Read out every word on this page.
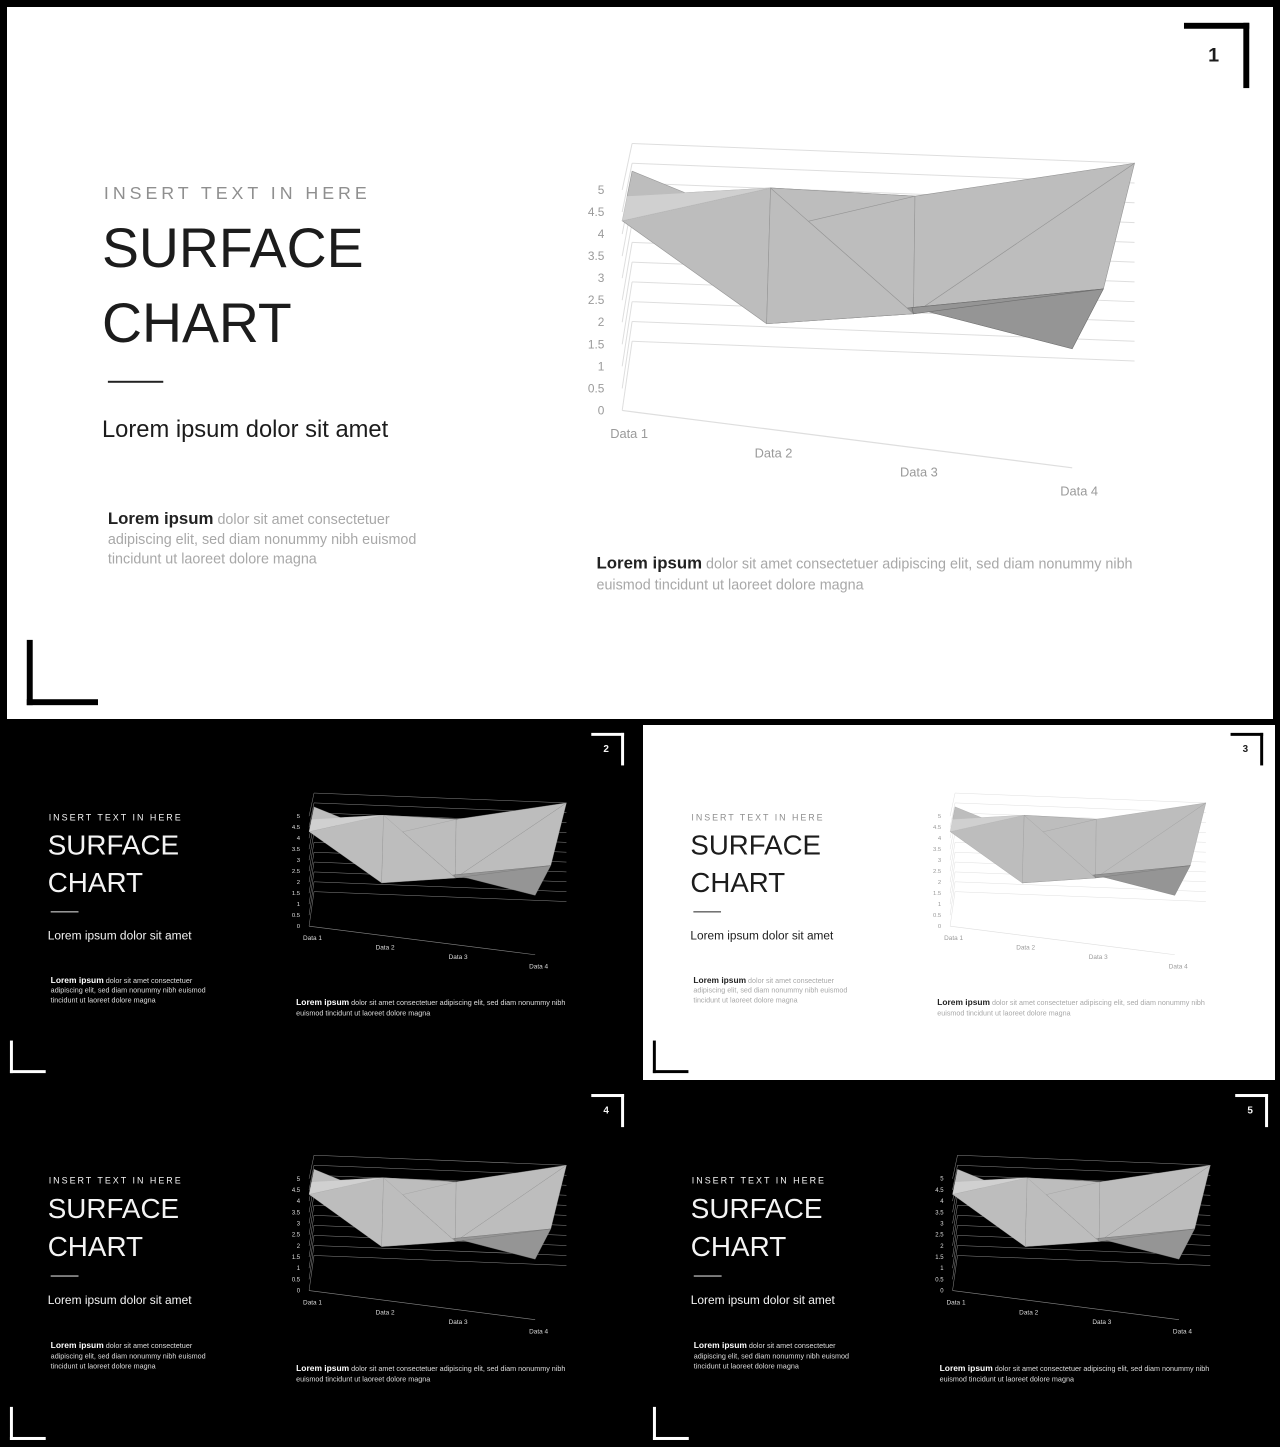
1
INSERT TEXT IN HERE
SURFACE
CHART
Lorem ipsum dolor sit amet
Lorem ipsum dolor sit amet consectetuer adipiscing elit, sed diam nonummy nibh euismod tincidunt ut laoreet dolore magna
0
0.5
1
1.5
2
2.5
3
3.5
4
4.5
5
Data 1
Data 2
Data 3
Data 4
Lorem ipsum dolor sit amet consectetuer adipiscing elit, sed diam nonummy nibh euismod tincidunt ut laoreet dolore magna
2
INSERT TEXT IN HERE
SURFACE
CHART
Lorem ipsum dolor sit amet
Lorem ipsum dolor sit amet consectetuer adipiscing elit, sed diam nonummy nibh euismod tincidunt ut laoreet dolore magna
0
0.5
1
1.5
2
2.5
3
3.5
4
4.5
5
Data 1
Data 2
Data 3
Data 4
Lorem ipsum dolor sit amet consectetuer adipiscing elit, sed diam nonummy nibh euismod tincidunt ut laoreet dolore magna
3
INSERT TEXT IN HERE
SURFACE
CHART
Lorem ipsum dolor sit amet
Lorem ipsum dolor sit amet consectetuer adipiscing elit, sed diam nonummy nibh euismod tincidunt ut laoreet dolore magna
0
0.5
1
1.5
2
2.5
3
3.5
4
4.5
5
Data 1
Data 2
Data 3
Data 4
Lorem ipsum dolor sit amet consectetuer adipiscing elit, sed diam nonummy nibh euismod tincidunt ut laoreet dolore magna
4
INSERT TEXT IN HERE
SURFACE
CHART
Lorem ipsum dolor sit amet
Lorem ipsum dolor sit amet consectetuer adipiscing elit, sed diam nonummy nibh euismod tincidunt ut laoreet dolore magna
0
0.5
1
1.5
2
2.5
3
3.5
4
4.5
5
Data 1
Data 2
Data 3
Data 4
Lorem ipsum dolor sit amet consectetuer adipiscing elit, sed diam nonummy nibh euismod tincidunt ut laoreet dolore magna
5
INSERT TEXT IN HERE
SURFACE
CHART
Lorem ipsum dolor sit amet
Lorem ipsum dolor sit amet consectetuer adipiscing elit, sed diam nonummy nibh euismod tincidunt ut laoreet dolore magna
0
0.5
1
1.5
2
2.5
3
3.5
4
4.5
5
Data 1
Data 2
Data 3
Data 4
Lorem ipsum dolor sit amet consectetuer adipiscing elit, sed diam nonummy nibh euismod tincidunt ut laoreet dolore magna
